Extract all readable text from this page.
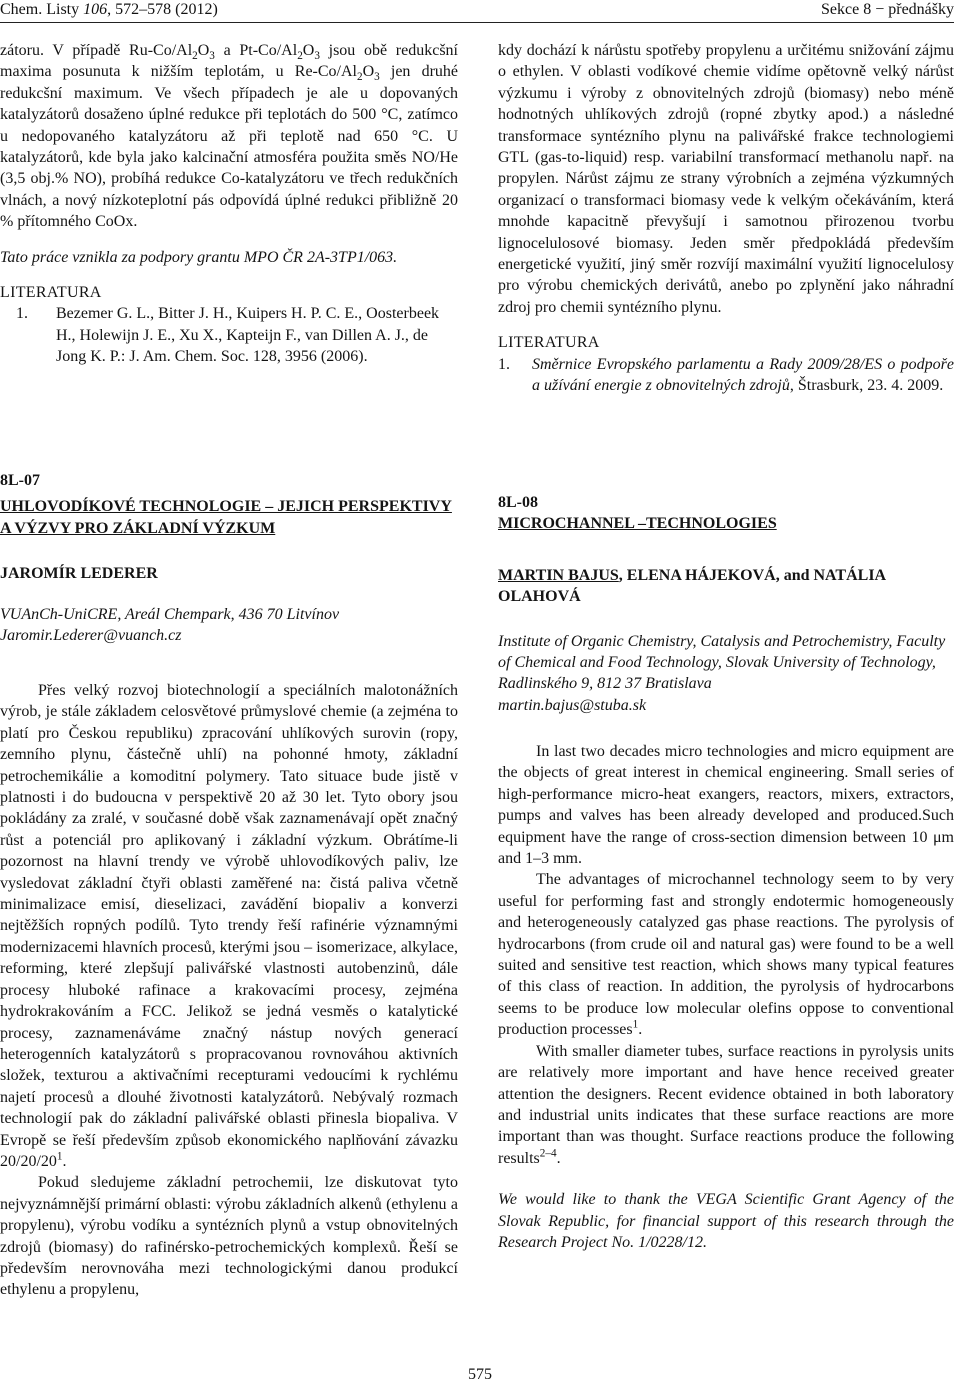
Chem. Listy 106, 572–578 (2012)	Sekce 8 − přednášky

zátoru. V případě $Ru-Co/Al_2O_3$ a $Pt-Co/Al_2O_3$ jsou obě redukcšní maxima posunuta k nižším teplotám, u $Re-Co/Al_2O_3$ jen druhé redukcšní maximum. Ve všech případech je ale u dopovaných katalyzátorů dosaženo úplné redukce při teplotách do 500 °C, zatímco u nedopovaného katalyzátoru až při teplotě nad 650 °C. U katalyzátorů, kde byla jako kalcinační atmosféra použita směs NO/He (3,5 obj.% NO), probíhá redukce Co-katalyzátoru ve třech redukčních vlnách, a nový nízkoteplotní pás odpovídá úplné redukci přibližně 20 % přítomného CoOx.

Tato práce vznikla za podpory grantu MPO ČR 2A-3TP1/063.

LITERATURA

1.	Bezemer G. L., Bitter J. H., Kuipers H. P. C. E., Oosterbeek H., Holewijn J. E., Xu X., Kapteijn F., van Dillen A. J., de Jong K. P.: J. Am. Chem. Soc. 128, 3956 (2006).

kdy dochází k nárůstu spotřeby propylenu a určitému snižování zájmu o ethylen. V oblasti vodíkové chemie vidíme opětovně velký nárůst výzkumu i výroby z obnovitelných zdrojů (biomasy) nebo méně hodnotných uhlíkových zdrojů (ropné zbytky apod.) a následné transformace syntézního plynu na palivářské frakce technologiemi GTL (gas-to-liquid) resp. variabilní transformací methanolu např. na propylen. Nárůst zájmu ze strany výrobních a zejména výzkumných organizací o transformaci biomasy vede k velkým očekáváním, která mnohde kapacitně převyšují i samotnou přirozenou tvorbu lignocelulosové biomasy. Jeden směr předpokládá především energetické využití, jiný směr rozvíjí maximální využití lignocelulosy pro výrobu chemických derivátů, anebo po zplynění jako náhradní zdroj pro chemii syntézního plynu.

LITERATURA

1.	Směrnice Evropského parlamentu a Rady 2009/28/ES o podpoře a užívání energie z obnovitelných zdrojů, Štrasburk, 23. 4. 2009.

8L-07

UHLOVODÍKOVÉ TECHNOLOGIE – JEJICH PERSPEKTIVY A VÝZVY PRO ZÁKLADNÍ VÝZKUM

JAROMÍR LEDERER

VUAnCh-UniCRE, Areál Chempark, 436 70 Litvínov

Jaromir.Lederer@vuanch.cz

Přes velký rozvoj biotechnologií a speciálních malotonážních výrob, je stále základem celosvětové průmyslové chemie (a zejména to platí pro Českou republiku) zpracování uhlíkových surovin (ropy, zemního plynu, částečně uhlí) na pohonné hmoty, základní petrochemikálie a komoditní polymery. Tato situace bude jistě v platnosti i do budoucna v perspektivě 20 až 30 let. Tyto obory jsou pokládány za zralé, v současné době však zaznamenávají opět značný růst a potenciál pro aplikovaný i základní výzkum. Obrátíme-li pozornost na hlavní trendy ve výrobě uhlovodíkových paliv, lze vysledovat základní čtyři oblasti zaměřené na: čistá paliva včetně minimalizace emisí, dieselizaci, zavádění biopaliv a konverzi nejtěžších ropných podílů. Tyto trendy řeší rafinérie významnými modernizacemi hlavních procesů, kterými jsou – isomerizace, alkylace, reforming, které zlepšují palivářské vlastnosti autobenzinů, dále procesy hluboké rafinace a krakovacími procesy, zejména hydrokrakováním a FCC. Jelikož se jedná vesměs o katalytické procesy, zaznamenáváme značný nástup nových generací heterogenních katalyzátorů s propracovanou rovnováhou aktivních složek, texturou a aktivačními recepturami vedoucími k rychlému najetí procesů a dlouhé životnosti katalyzátorů. Nebývalý rozmach technologií pak do základní palivářské oblasti přinesla biopaliva. V Evropě se řeší především způsob ekonomického naplňování závazku $20/20/20^1$.

Pokud sledujeme základní petrochemii, lze diskutovat tyto nejvyznámnější primární oblasti: výrobu základních alkenů (ethylenu a propylenu), výrobu vodíku a syntézních plynů a vstup obnovitelných zdrojů (biomasy) do rafinérsko-petrochemických komplexů. Řeší se především nerovnováha mezi technologickými danou produkcí ethylenu a propylenu,

8L-08

MICROCHANNEL –TECHNOLOGIES

MARTIN BAJUS, ELENA HÁJEKOVÁ, and NATÁLIA OLAHOVÁ

Institute of Organic Chemistry, Catalysis and Petrochemistry, Faculty of Chemical and Food Technology, Slovak University of Technology, Radlinského 9, 812 37 Bratislava

martin.bajus@stuba.sk

In last two decades micro technologies and micro equipment are the objects of great interest in chemical engineering. Small series of high-performance micro-heat exangers, reactors, mixers, extractors, pumps and valves has been already developed and produced.Such equipment have the range of cross-section dimension between 10 μm and 1–3 mm.

The advantages of microchannel technology seem to by very useful for performing fast and strongly endotermic homogeneously and heterogeneously catalyzed gas phase reactions. The pyrolysis of hydrocarbons (from crude oil and natural gas) were found to be a well suited and sensitive test reaction, which shows many typical features of this class of reaction. In addition, the pyrolysis of hydrocarbons seems to be produce low molecular olefins oppose to conventional production processes$^1$.

With smaller diameter tubes, surface reactions in pyrolysis units are relatively more important and have hence received greater attention the designers. Recent evidence obtained in both laboratory and industrial units indicates that these surface reactions are more important than was thought. Surface reactions produce the following results$^{2-4}$.

We would like to thank the VEGA Scientific Grant Agency of the Slovak Republic, for financial support of this research through the Research Project No. 1/0228/12.

575
